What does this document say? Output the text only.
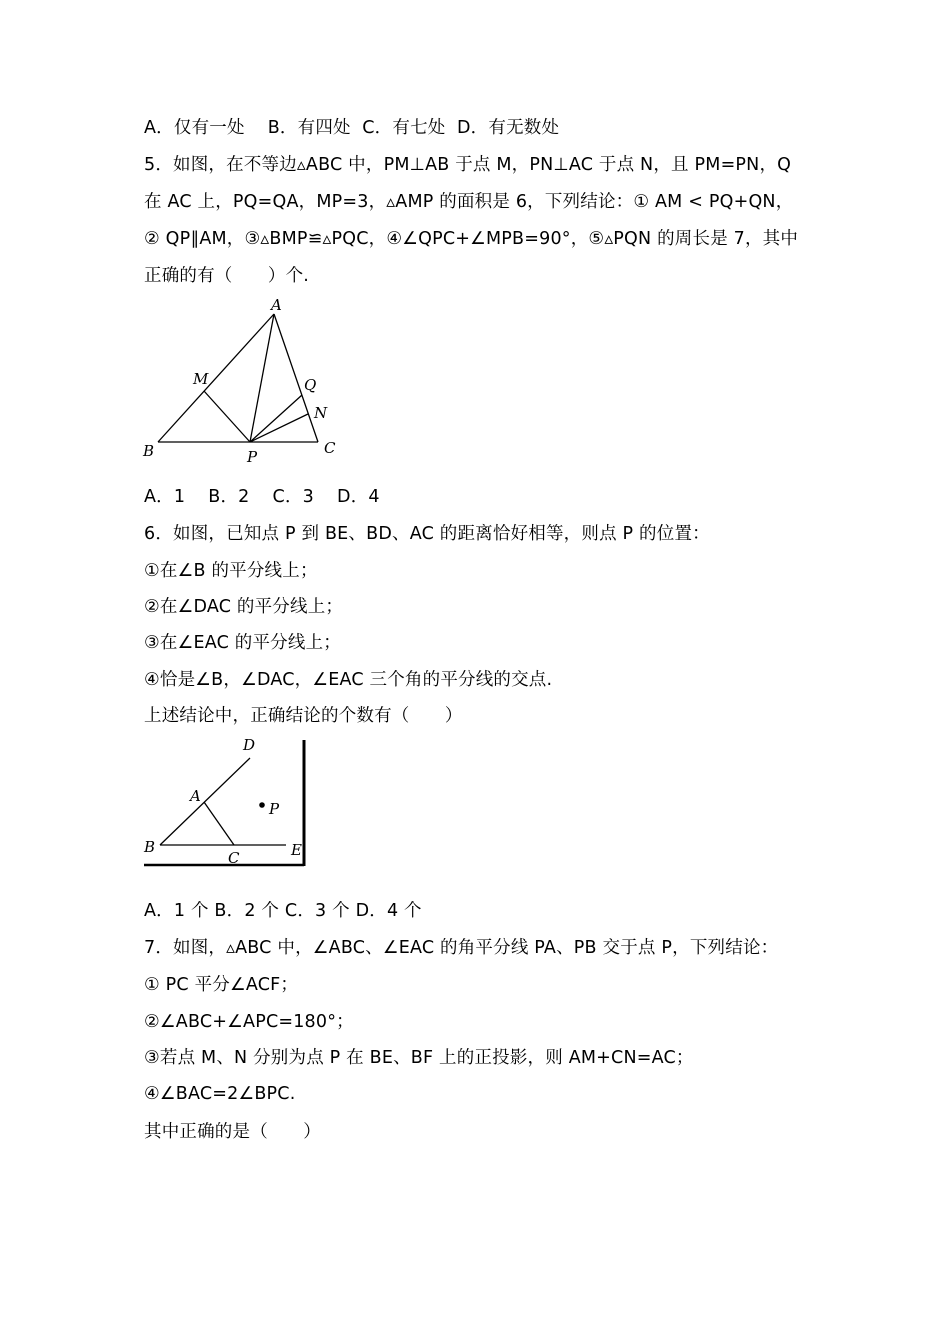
A．仅有一处    B．有四处  C．有七处  D．有无数处
5．如图，在不等边▵ABC 中，PM⊥AB 于点 M，PN⊥AC 于点 N，且 PM=PN，Q
在 AC 上，PQ=QA，MP=3，▵AMP 的面积是 6，下列结论：① AM < PQ+QN，
② QP∥AM，③▵BMP≌▵PQC，④∠QPC+∠MPB=90°，⑤▵PQN 的周长是 7，其中
正确的有（　　）个.
A
M	Q
N
B	P	C
A．1    B．2    C．3    D．4
6．如图，已知点 P 到 BE、BD、AC 的距离恰好相等，则点 P 的位置：
①在∠B 的平分线上；
②在∠DAC 的平分线上；
③在∠EAC 的平分线上；
④恰是∠B，∠DAC，∠EAC 三个角的平分线的交点.
上述结论中，正确结论的个数有（　　）
D
A
P
B
C	E
A．1 个 B．2 个 C．3 个 D．4 个
7．如图，▵ABC 中，∠ABC、∠EAC 的角平分线 PA、PB 交于点 P，下列结论：
① PC 平分∠ACF；
②∠ABC+∠APC=180°；
③若点 M、N 分别为点 P 在 BE、BF 上的正投影，则 AM+CN=AC；
④∠BAC=2∠BPC.
其中正确的是（　　）
